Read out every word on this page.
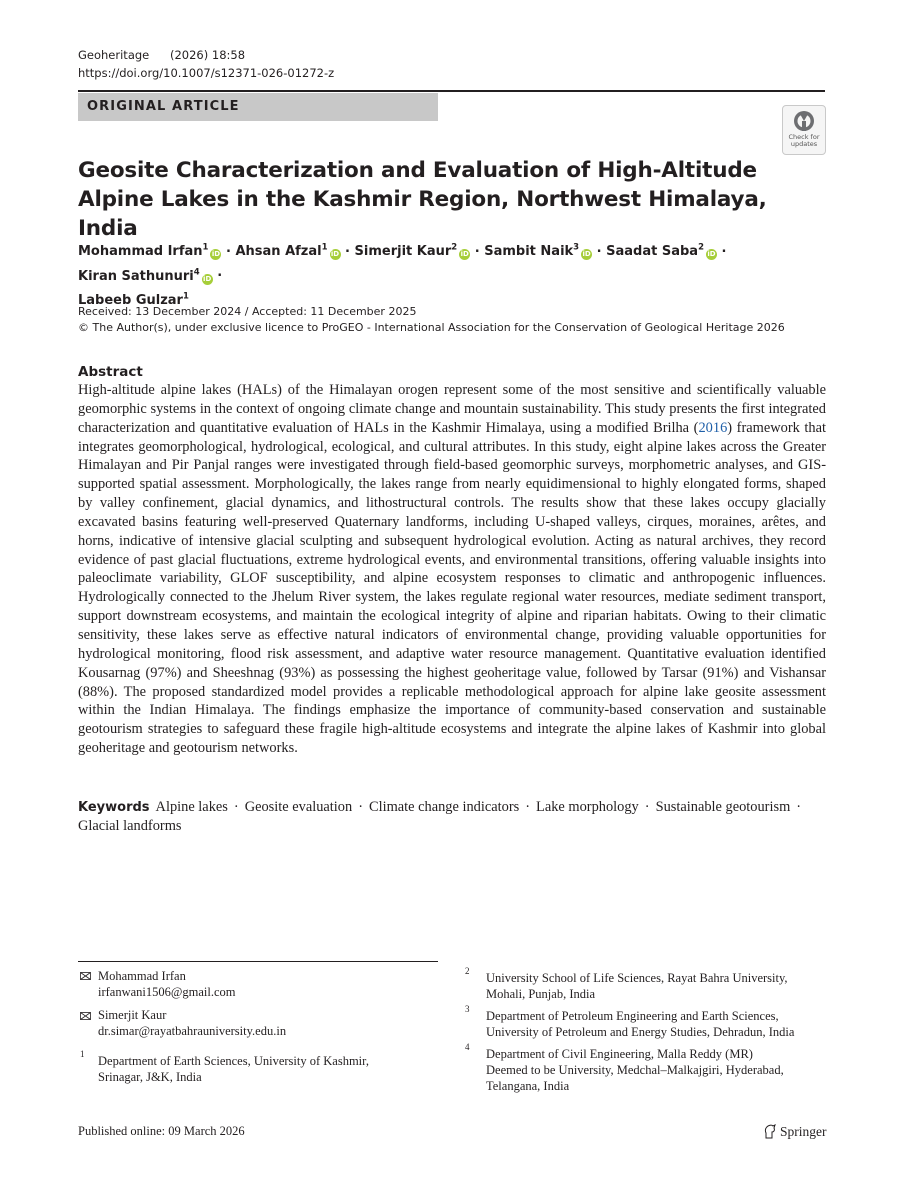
Geoheritage (2026) 18:58
https://doi.org/10.1007/s12371-026-01272-z
ORIGINAL ARTICLE
Check for
updates
Geosite Characterization and Evaluation of High-Altitude Alpine Lakes in the Kashmir Region, Northwest Himalaya, India
Mohammad Irfan$^1$iD · Ahsan Afzal$^1$iD · Simerjit Kaur$^2$iD · Sambit Naik$^3$iD · Saadat Saba$^2$iD · Kiran Sathunuri$^4$iD ·
Labeeb Gulzar$^1$
Received: 13 December 2024 / Accepted: 11 December 2025
© The Author(s), under exclusive licence to ProGEO - International Association for the Conservation of Geological Heritage 2026
Abstract
High-altitude alpine lakes (HALs) of the Himalayan orogen represent some of the most sensitive and scientifically valuable geomorphic systems in the context of ongoing climate change and mountain sustainability. This study presents the first integrated characterization and quantitative evaluation of HALs in the Kashmir Himalaya, using a modified Brilha (2016) framework that integrates geomorphological, hydrological, ecological, and cultural attributes. In this study, eight alpine lakes across the Greater Himalayan and Pir Panjal ranges were investigated through field-based geomorphic surveys, morphometric analyses, and GIS-supported spatial assessment. Morphologically, the lakes range from nearly equidimensional to highly elongated forms, shaped by valley confinement, glacial dynamics, and lithostructural controls. The results show that these lakes occupy glacially excavated basins featuring well-preserved Quaternary landforms, including U-shaped valleys, cirques, moraines, arêtes, and horns, indicative of intensive glacial sculpting and subsequent hydrological evolution. Acting as natural archives, they record evidence of past glacial fluctuations, extreme hydrological events, and environmental transitions, offering valuable insights into paleoclimate variability, GLOF susceptibility, and alpine ecosystem responses to climatic and anthropogenic influences. Hydrologically connected to the Jhelum River system, the lakes regulate regional water resources, mediate sediment transport, support downstream ecosystems, and maintain the ecological integrity of alpine and riparian habitats. Owing to their climatic sensitivity, these lakes serve as effective natural indicators of environmental change, providing valuable opportunities for hydrological monitoring, flood risk assessment, and adaptive water resource management. Quantitative evaluation identified Kousarnag (97%) and Sheeshnag (93%) as possessing the highest geoheritage value, followed by Tarsar (91%) and Vishansar (88%). The proposed standardized model provides a replicable methodological approach for alpine lake geosite assessment within the Indian Himalaya. The findings emphasize the importance of community-based conservation and sustainable geotourism strategies to safeguard these fragile high-altitude ecosystems and integrate the alpine lakes of Kashmir into global geoheritage and geotourism networks.
Keywords Alpine lakes · Geosite evaluation · Climate change indicators · Lake morphology · Sustainable geotourism ·
Glacial landforms
Mohammad Irfan
irfanwani1506@gmail.com
Simerjit Kaur
dr.simar@rayatbahrauniversity.edu.in
1 Department of Earth Sciences, University of Kashmir,
Srinagar, J&K, India
2 University School of Life Sciences, Rayat Bahra University,
Mohali, Punjab, India
3 Department of Petroleum Engineering and Earth Sciences,
University of Petroleum and Energy Studies, Dehradun, India
4 Department of Civil Engineering, Malla Reddy (MR)
Deemed to be University, Medchal–Malkajgiri, Hyderabad,
Telangana, India
Published online: 09 March 2026	Springer
